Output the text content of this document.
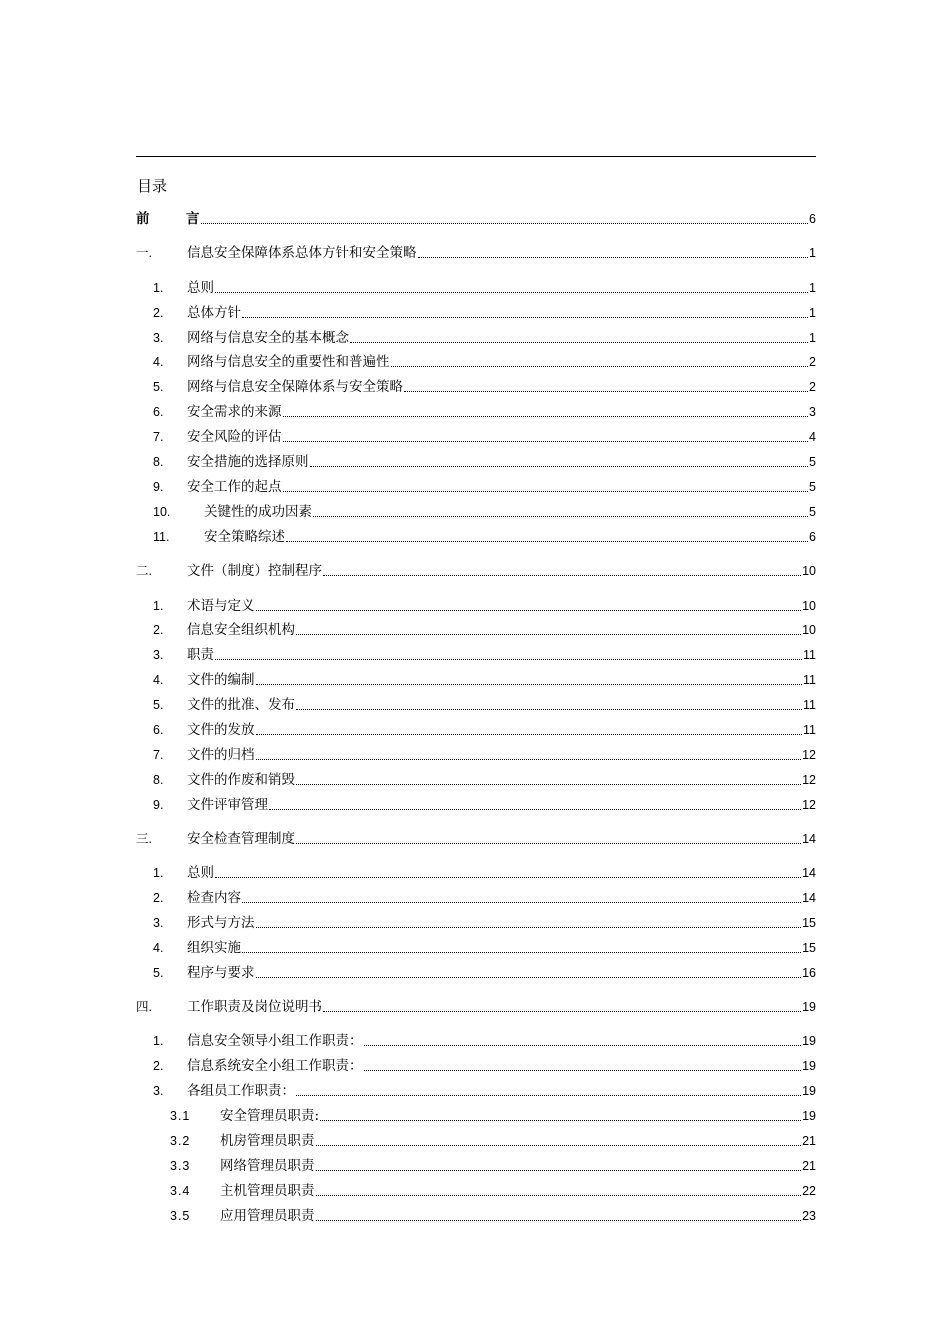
目录
前	言	6
一.	信息安全保障体系总体方针和安全策略	1
1.	总则	1
2.	总体方针	1
3.	网络与信息安全的基本概念	1
4.	网络与信息安全的重要性和普遍性	2
5.	网络与信息安全保障体系与安全策略	2
6.	安全需求的来源	3
7.	安全风险的评估	4
8.	安全措施的选择原则	5
9.	安全工作的起点	5
10.	关键性的成功因素	5
11.	安全策略综述	6
二.	文件（制度）控制程序	10
1.	术语与定义	10
2.	信息安全组织机构	10
3.	职责	11
4.	文件的编制	11
5.	文件的批准、发布	11
6.	文件的发放	11
7.	文件的归档	12
8.	文件的作废和销毁	12
9.	文件评审管理	12
三.	安全检查管理制度	14
1.	总则	14
2.	检查内容	14
3.	形式与方法	15
4.	组织实施	15
5.	程序与要求	16
四.	工作职责及岗位说明书	19
1.	信息安全领导小组工作职责：	19
2.	信息系统安全小组工作职责：	19
3.	各组员工作职责：	19
3.1	安全管理员职责:	19
3.2	机房管理员职责	21
3.3	网络管理员职责	21
3.4	主机管理员职责	22
3.5	应用管理员职责	23
